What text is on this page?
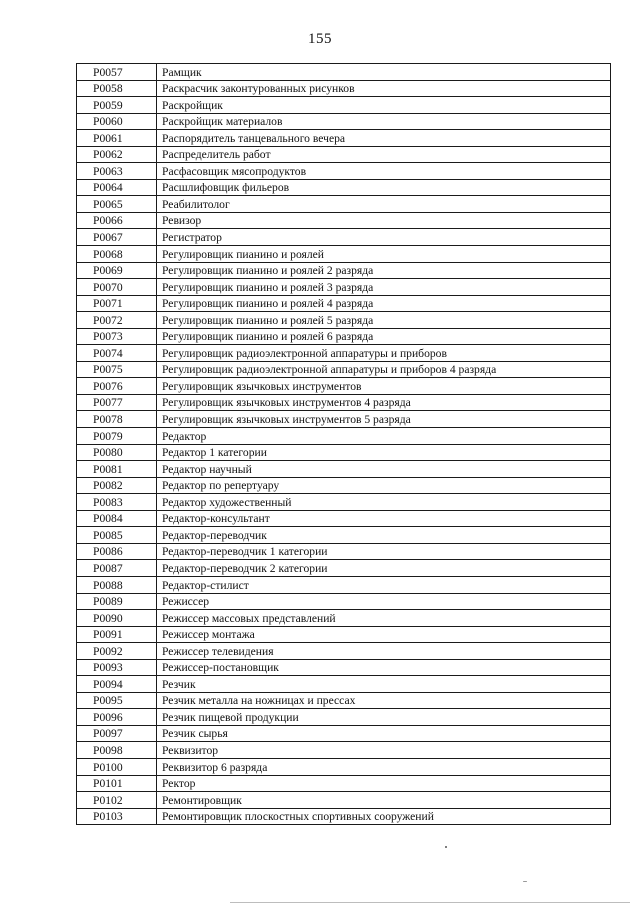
155
P0057	Рамщик
P0058	Раскрасчик законтурованных рисунков
P0059	Раскройщик
P0060	Раскройщик материалов
P0061	Распорядитель танцевального вечера
P0062	Распределитель работ
P0063	Расфасовщик мясопродуктов
P0064	Расшлифовщик фильеров
P0065	Реабилитолог
P0066	Ревизор
P0067	Регистратор
P0068	Регулировщик пианино и роялей
P0069	Регулировщик пианино и роялей 2 разряда
P0070	Регулировщик пианино и роялей 3 разряда
P0071	Регулировщик пианино и роялей 4 разряда
P0072	Регулировщик пианино и роялей 5 разряда
P0073	Регулировщик пианино и роялей 6 разряда
P0074	Регулировщик радиоэлектронной аппаратуры и приборов
P0075	Регулировщик радиоэлектронной аппаратуры и приборов 4 разряда
P0076	Регулировщик язычковых инструментов
P0077	Регулировщик язычковых инструментов 4 разряда
P0078	Регулировщик язычковых инструментов 5 разряда
P0079	Редактор
P0080	Редактор 1 категории
P0081	Редактор научный
P0082	Редактор по репертуару
P0083	Редактор художественный
P0084	Редактор-консультант
P0085	Редактор-переводчик
P0086	Редактор-переводчик 1 категории
P0087	Редактор-переводчик 2 категории
P0088	Редактор-стилист
P0089	Режиссер
P0090	Режиссер массовых представлений
P0091	Режиссер монтажа
P0092	Режиссер телевидения
P0093	Режиссер-постановщик
P0094	Резчик
P0095	Резчик металла на ножницах и прессах
P0096	Резчик пищевой продукции
P0097	Резчик сырья
P0098	Реквизитор
P0100	Реквизитор 6 разряда
P0101	Ректор
P0102	Ремонтировщик
P0103	Ремонтировщик плоскостных спортивных сооружений
